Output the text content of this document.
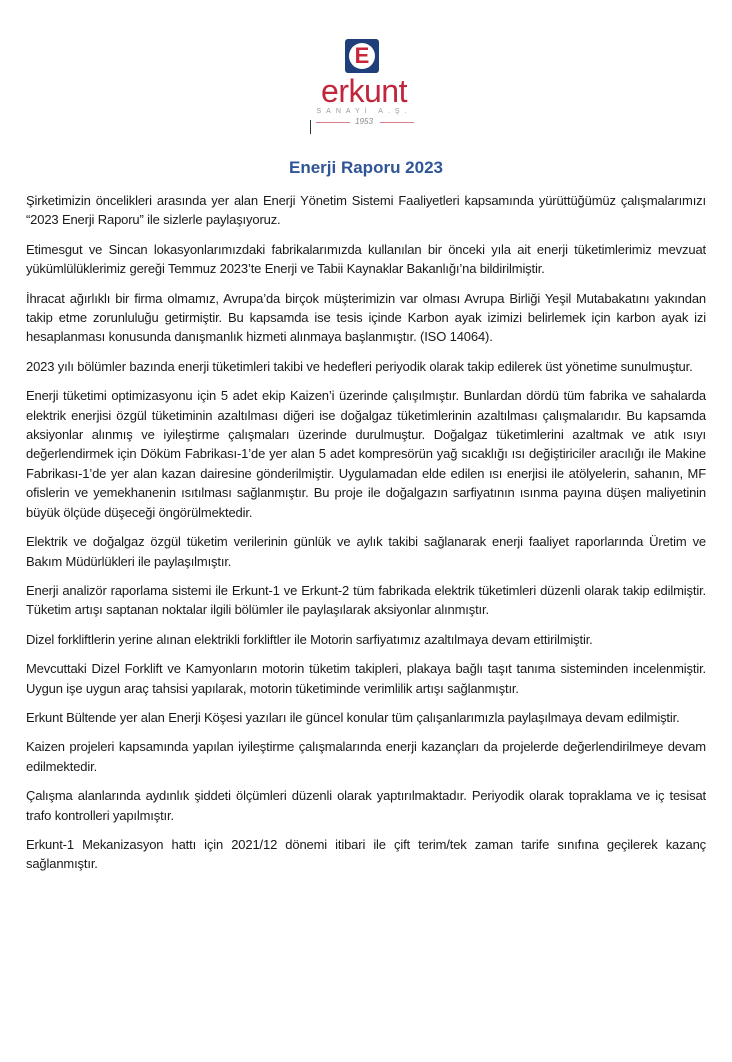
E
erkunt
SANAYİ A.Ş.
1953
Enerji Raporu 2023

Şirketimizin öncelikleri arasında yer alan Enerji Yönetim Sistemi Faaliyetleri kapsamında yürüttüğümüz çalışmalarımızı “2023 Enerji Raporu” ile sizlerle paylaşıyoruz.

Etimesgut ve Sincan lokasyonlarımızdaki fabrikalarımızda kullanılan bir önceki yıla ait enerji tüketimlerimiz mevzuat yükümlülüklerimiz gereği Temmuz 2023’te Enerji ve Tabii Kaynaklar Bakanlığı’na bildirilmiştir.

İhracat ağırlıklı bir firma olmamız, Avrupa’da birçok müşterimizin var olması Avrupa Birliği Yeşil Mutabakatını yakından takip etme zorunluluğu getirmiştir. Bu kapsamda ise tesis içinde Karbon ayak izimizi belirlemek için karbon ayak izi hesaplanması konusunda danışmanlık hizmeti alınmaya başlanmıştır. (ISO 14064).

2023 yılı bölümler bazında enerji tüketimleri takibi ve hedefleri periyodik olarak takip edilerek üst yönetime sunulmuştur.

Enerji tüketimi optimizasyonu için 5 adet ekip Kaizen’i üzerinde çalışılmıştır. Bunlardan dördü tüm fabrika ve sahalarda elektrik enerjisi özgül tüketiminin azaltılması diğeri ise doğalgaz tüketimlerinin azaltılması çalışmalarıdır. Bu kapsamda aksiyonlar alınmış ve iyileştirme çalışmaları üzerinde durulmuştur. Doğalgaz tüketimlerini azaltmak ve atık ısıyı değerlendirmek için Döküm Fabrikası-1’de yer alan 5 adet kompresörün yağ sıcaklığı ısı değiştiriciler aracılığı ile Makine Fabrikası-1’de yer alan kazan dairesine gönderilmiştir. Uygulamadan elde edilen ısı enerjisi ile atölyelerin, sahanın, MF ofislerin ve yemekhanenin ısıtılması sağlanmıştır. Bu proje ile doğalgazın sarfiyatının ısınma payına düşen maliyetinin büyük ölçüde düşeceği öngörülmektedir.

Elektrik ve doğalgaz özgül tüketim verilerinin günlük ve aylık takibi sağlanarak enerji faaliyet raporlarında Üretim ve Bakım Müdürlükleri ile paylaşılmıştır.

Enerji analizör raporlama sistemi ile Erkunt-1 ve Erkunt-2 tüm fabrikada elektrik tüketimleri düzenli olarak takip edilmiştir. Tüketim artışı saptanan noktalar ilgili bölümler ile paylaşılarak aksiyonlar alınmıştır.

Dizel forkliftlerin yerine alınan elektrikli forkliftler ile Motorin sarfiyatımız azaltılmaya devam ettirilmiştir.

Mevcuttaki Dizel Forklift ve Kamyonların motorin tüketim takipleri, plakaya bağlı taşıt tanıma sisteminden incelenmiştir. Uygun işe uygun araç tahsisi yapılarak, motorin tüketiminde verimlilik artışı sağlanmıştır.

Erkunt Bültende yer alan Enerji Köşesi yazıları ile güncel konular tüm çalışanlarımızla paylaşılmaya devam edilmiştir.

Kaizen projeleri kapsamında yapılan iyileştirme çalışmalarında enerji kazançları da projelerde değerlendirilmeye devam edilmektedir.

Çalışma alanlarında aydınlık şiddeti ölçümleri düzenli olarak yaptırılmaktadır. Periyodik olarak topraklama ve iç tesisat trafo kontrolleri yapılmıştır.

Erkunt-1 Mekanizasyon hattı için 2021/12 dönemi itibari ile çift terim/tek zaman tarife sınıfına geçilerek kazanç sağlanmıştır.
